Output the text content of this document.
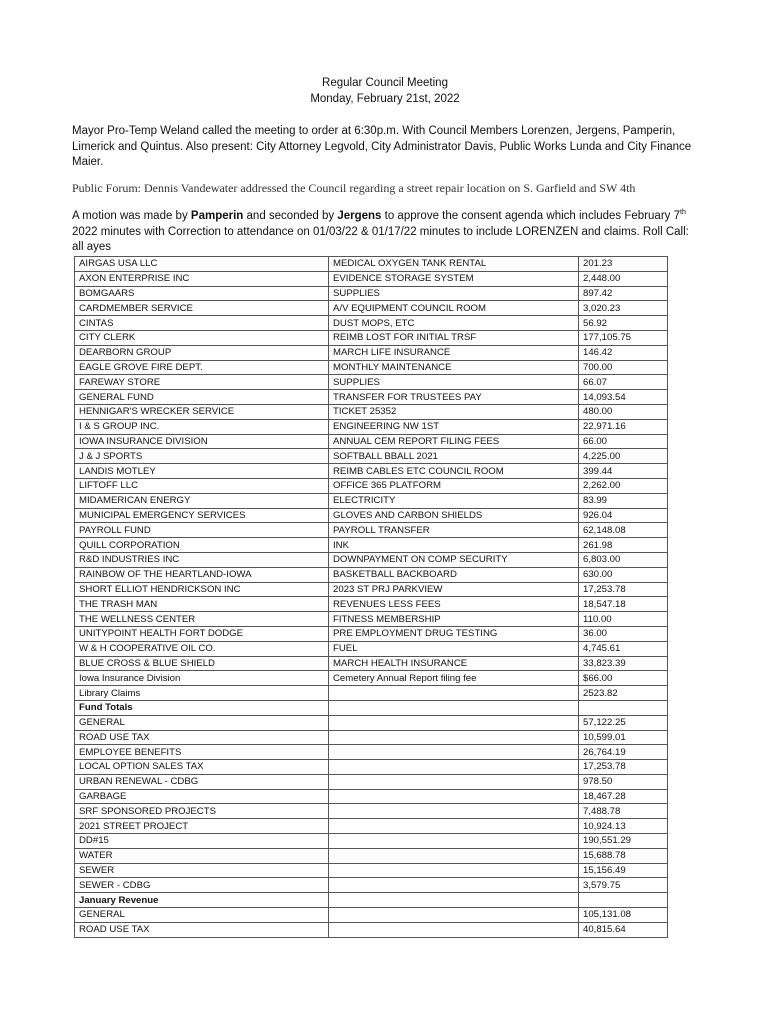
Regular Council Meeting
Monday, February 21st, 2022
Mayor Pro-Temp Weland called the meeting to order at 6:30p.m. With Council Members Lorenzen, Jergens, Pamperin, Limerick and Quintus. Also present: City Attorney Legvold, City Administrator Davis, Public Works Lunda and City Finance Maier.
Public Forum: Dennis Vandewater addressed the Council regarding a street repair location on S. Garfield and SW 4th
A motion was made by Pamperin and seconded by Jergens to approve the consent agenda which includes February 7th 2022 minutes with Correction to attendance on 01/03/22 & 01/17/22 minutes to include LORENZEN and claims. Roll Call: all ayes
AIRGAS USA LLC	MEDICAL OXYGEN TANK RENTAL	201.23
AXON ENTERPRISE INC	EVIDENCE STORAGE SYSTEM	2,448.00
BOMGAARS	SUPPLIES	897.42
CARDMEMBER SERVICE	A/V EQUIPMENT COUNCIL ROOM	3,020.23
CINTAS	DUST MOPS, ETC	56.92
CITY CLERK	REIMB LOST FOR INITIAL TRSF	177,105.75
DEARBORN GROUP	MARCH LIFE INSURANCE	146.42
EAGLE GROVE FIRE DEPT.	MONTHLY MAINTENANCE	700.00
FAREWAY STORE	SUPPLIES	66.07
GENERAL FUND	TRANSFER FOR TRUSTEES PAY	14,093.54
HENNIGAR'S WRECKER SERVICE	TICKET 25352	480.00
I & S GROUP INC.	ENGINEERING NW 1ST	22,971.16
IOWA INSURANCE DIVISION	ANNUAL CEM REPORT FILING FEES	66.00
J & J SPORTS	SOFTBALL BBALL 2021	4,225.00
LANDIS MOTLEY	REIMB CABLES ETC COUNCIL ROOM	399.44
LIFTOFF LLC	OFFICE 365 PLATFORM	2,262.00
MIDAMERICAN ENERGY	ELECTRICITY	83.99
MUNICIPAL EMERGENCY SERVICES	GLOVES AND CARBON SHIELDS	926.04
PAYROLL FUND	PAYROLL TRANSFER	62,148.08
QUILL CORPORATION	INK	261.98
R&D INDUSTRIES INC	DOWNPAYMENT ON COMP SECURITY	6,803.00
RAINBOW OF THE HEARTLAND-IOWA	BASKETBALL BACKBOARD	630.00
SHORT ELLIOT HENDRICKSON INC	2023 ST PRJ PARKVIEW	17,253.78
THE TRASH MAN	REVENUES LESS FEES	18,547.18
THE WELLNESS CENTER	FITNESS MEMBERSHIP	110.00
UNITYPOINT HEALTH FORT DODGE	PRE EMPLOYMENT DRUG TESTING	36.00
W & H COOPERATIVE OIL CO.	FUEL	4,745.61
BLUE CROSS & BLUE SHIELD	MARCH HEALTH INSURANCE	33,823.39
Iowa Insurance Division	Cemetery Annual Report filing fee	$66.00
Library Claims		2523.82
Fund Totals		
GENERAL		57,122.25
ROAD USE TAX		10,599.01
EMPLOYEE BENEFITS		26,764.19
LOCAL OPTION SALES TAX		17,253.78
URBAN RENEWAL - CDBG		978.50
GARBAGE		18,467.28
SRF SPONSORED PROJECTS		7,488.78
2021 STREET PROJECT		10,924.13
DD#15		190,551.29
WATER		15,688.78
SEWER		15,156.49
SEWER - CDBG		3,579.75
January Revenue		
GENERAL		105,131.08
ROAD USE TAX		40,815.64
